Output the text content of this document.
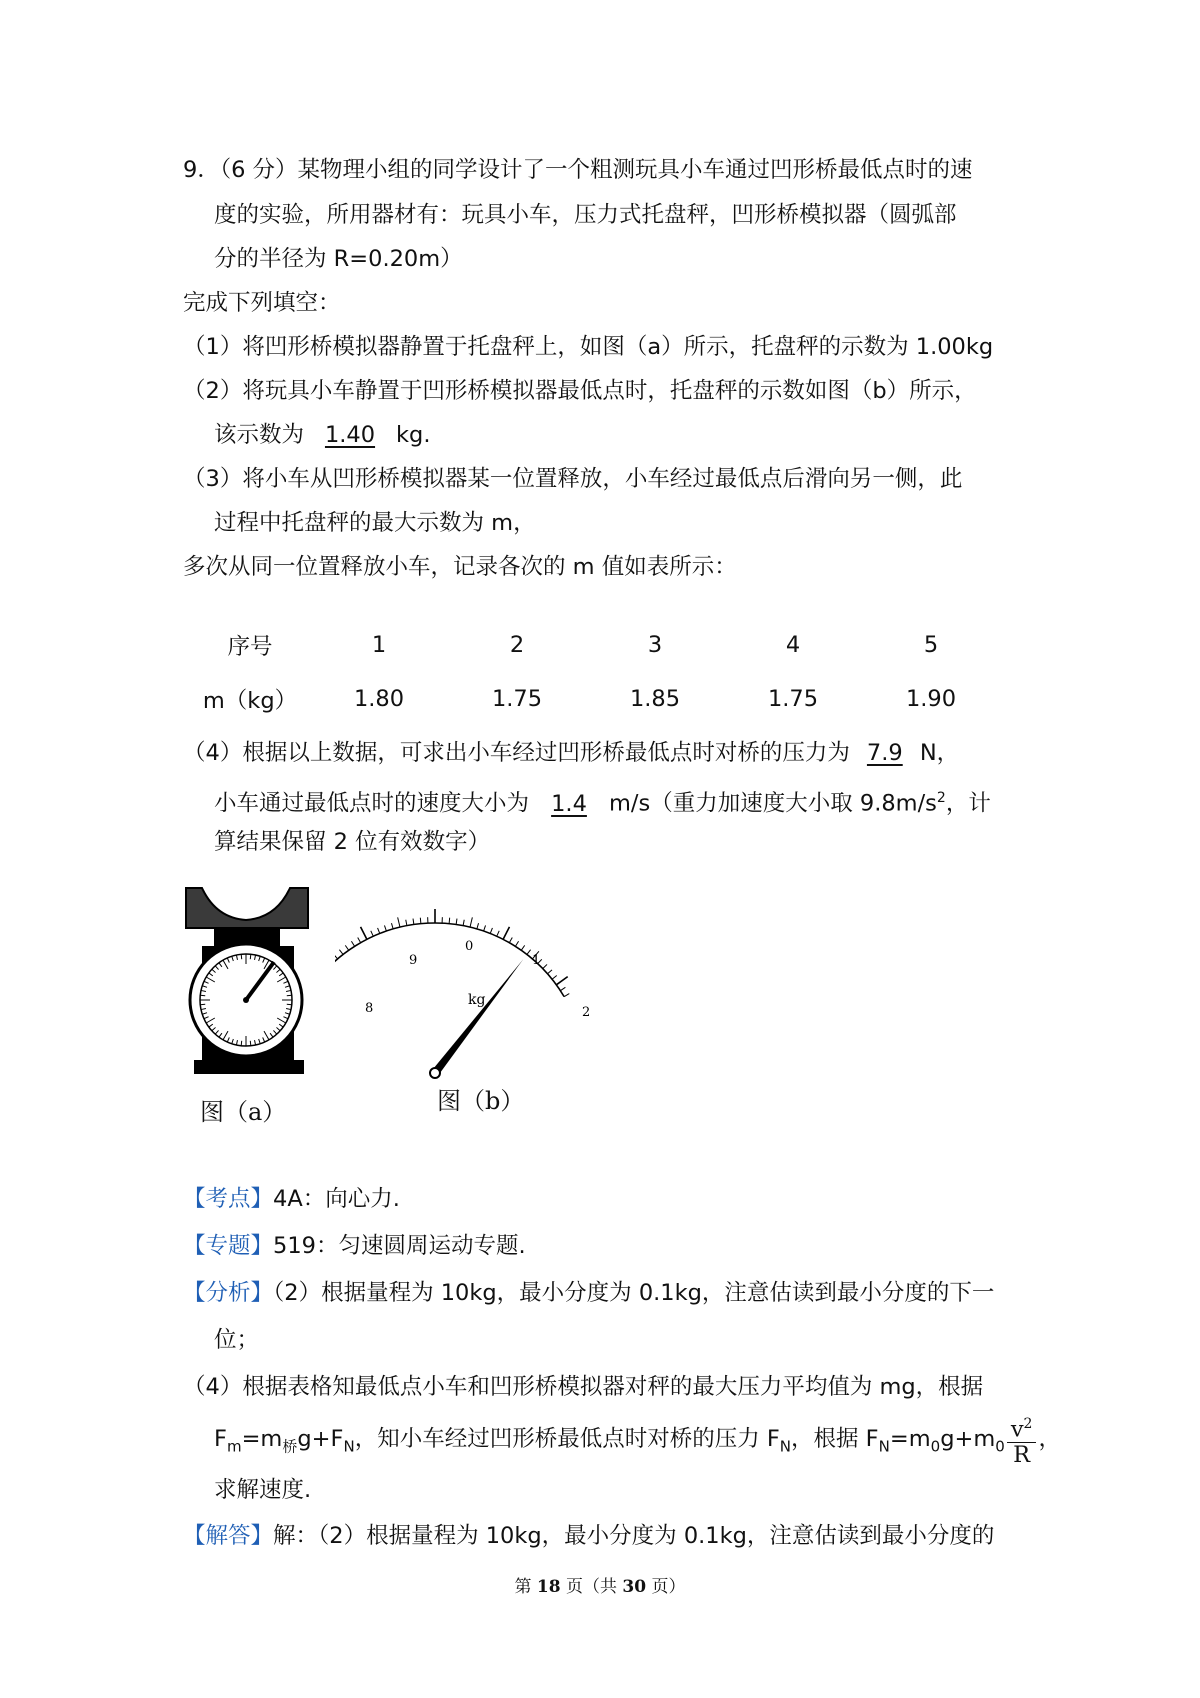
9．（6 分）某物理小组的同学设计了一个粗测玩具小车通过凹形桥最低点时的速
度的实验，所用器材有：玩具小车，压力式托盘秤，凹形桥模拟器（圆弧部
分的半径为 R=0.20m）
完成下列填空：
（1）将凹形桥模拟器静置于托盘秤上，如图（a）所示，托盘秤的示数为 1.00kg
（2）将玩具小车静置于凹形桥模拟器最低点时，托盘秤的示数如图（b）所示，
该示数为 1.40 kg.
（3）将小车从凹形桥模拟器某一位置释放，小车经过最低点后滑向另一侧，此
过程中托盘秤的最大示数为 m，
多次从同一位置释放小车，记录各次的 m 值如表所示：
序号	1	2	3	4	5
m（kg）	1.80	1.75	1.85	1.75	1.90
（4）根据以上数据，可求出小车经过凹形桥最低点时对桥的压力为 7.9 N，
小车通过最低点时的速度大小为 1.4 m/s（重力加速度大小取 $9.8m/s^2$，计
算结果保留 2 位有效数字）
图（a）
8
9
0
1
2
kg
图（b）
【考点】4A：向心力.
【专题】519：匀速圆周运动专题.
【分析】（2）根据量程为 10kg，最小分度为 0.1kg，注意估读到最小分度的下一
位；
（4）根据表格知最低点小车和凹形桥模拟器对秤的最大压力平均值为 mg，根据
$F_m=m_桥g+F_N$，知小车经过凹形桥最低点时对桥的压力 $F_N$，根据 $F_N=m_0g+m_0 \frac{v^2}{R}$ ，
求解速度.
【解答】解：（2）根据量程为 10kg，最小分度为 0.1kg，注意估读到最小分度的
第 18 页（共 30 页）
